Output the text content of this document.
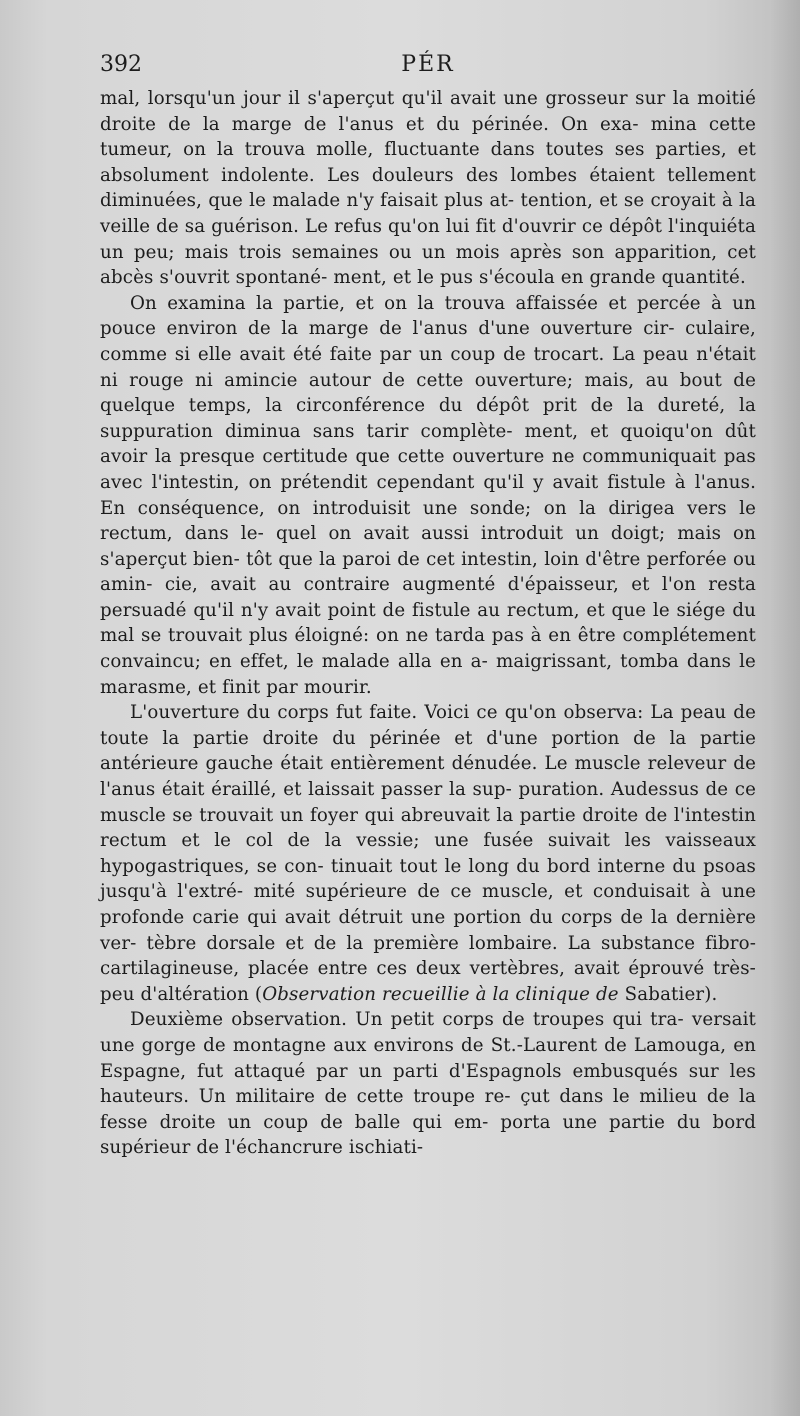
392	PÉR

mal, lorsqu'un jour il s'aperçut qu'il avait une grosseur sur la moitié droite de la marge de l'anus et du périnée. On exa- mina cette tumeur, on la trouva molle, fluctuante dans toutes ses parties, et absolument indolente. Les douleurs des lombes étaient tellement diminuées, que le malade n'y faisait plus at- tention, et se croyait à la veille de sa guérison. Le refus qu'on lui fit d'ouvrir ce dépôt l'inquiéta un peu; mais trois semaines ou un mois après son apparition, cet abcès s'ouvrit spontané- ment, et le pus s'écoula en grande quantité.

On examina la partie, et on la trouva affaissée et percée à un pouce environ de la marge de l'anus d'une ouverture cir- culaire, comme si elle avait été faite par un coup de trocart. La peau n'était ni rouge ni amincie autour de cette ouverture; mais, au bout de quelque temps, la circonférence du dépôt prit de la dureté, la suppuration diminua sans tarir complète- ment, et quoiqu'on dût avoir la presque certitude que cette ouverture ne communiquait pas avec l'intestin, on prétendit cependant qu'il y avait fistule à l'anus. En conséquence, on introduisit une sonde; on la dirigea vers le rectum, dans le- quel on avait aussi introduit un doigt; mais on s'aperçut bien- tôt que la paroi de cet intestin, loin d'être perforée ou amin- cie, avait au contraire augmenté d'épaisseur, et l'on resta persuadé qu'il n'y avait point de fistule au rectum, et que le siége du mal se trouvait plus éloigné: on ne tarda pas à en être complétement convaincu; en effet, le malade alla en a- maigrissant, tomba dans le marasme, et finit par mourir.

L'ouverture du corps fut faite. Voici ce qu'on observa: La peau de toute la partie droite du périnée et d'une portion de la partie antérieure gauche était entièrement dénudée. Le muscle releveur de l'anus était éraillé, et laissait passer la sup- puration. Audessus de ce muscle se trouvait un foyer qui abreuvait la partie droite de l'intestin rectum et le col de la vessie; une fusée suivait les vaisseaux hypogastriques, se con- tinuait tout le long du bord interne du psoas jusqu'à l'extré- mité supérieure de ce muscle, et conduisait à une profonde carie qui avait détruit une portion du corps de la dernière ver- tèbre dorsale et de la première lombaire. La substance fibro- cartilagineuse, placée entre ces deux vertèbres, avait éprouvé très-peu d'altération (Observation recueillie à la clinique de Sabatier).

Deuxième observation. Un petit corps de troupes qui tra- versait une gorge de montagne aux environs de St.-Laurent de Lamouga, en Espagne, fut attaqué par un parti d'Espagnols embusqués sur les hauteurs. Un militaire de cette troupe re- çut dans le milieu de la fesse droite un coup de balle qui em- porta une partie du bord supérieur de l'échancrure ischiati-
